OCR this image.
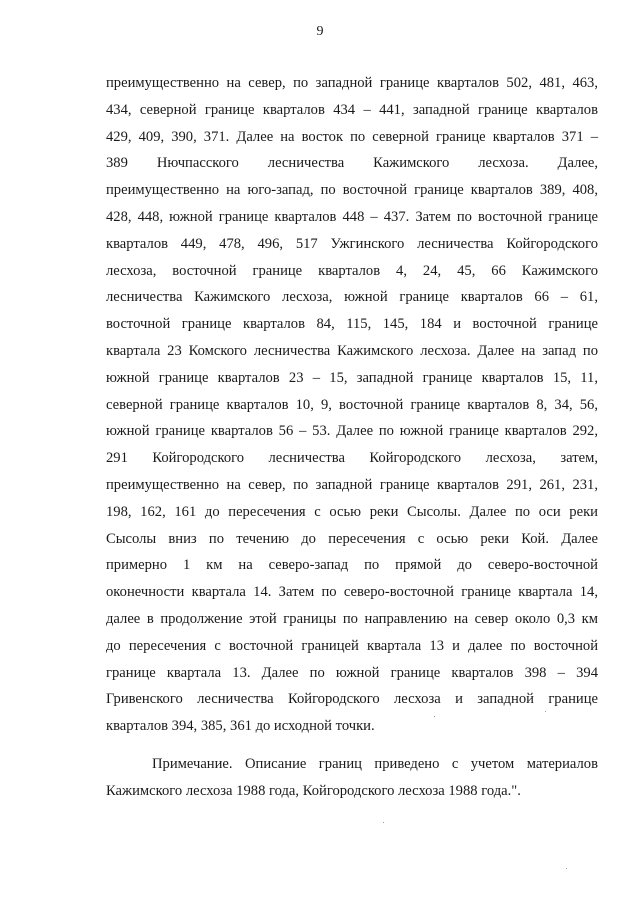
9
преимущественно на север, по западной границе кварталов 502, 481, 463,
434, северной границе кварталов 434 – 441, западной границе кварталов
429, 409, 390, 371. Далее на восток по северной границе кварталов 371 –
389 Нючпасского лесничества Кажимского лесхоза. Далее,
преимущественно на юго-запад, по восточной границе кварталов 389, 408,
428, 448, южной границе кварталов 448 – 437. Затем по восточной границе
кварталов 449, 478, 496, 517 Ужгинского лесничества Койгородского
лесхоза, восточной границе кварталов 4, 24, 45, 66 Кажимского
лесничества Кажимского лесхоза, южной границе кварталов 66 – 61,
восточной границе кварталов 84, 115, 145, 184 и восточной границе
квартала 23 Комского лесничества Кажимского лесхоза. Далее на запад по
южной границе кварталов 23 – 15, западной границе кварталов 15, 11,
северной границе кварталов 10, 9, восточной границе кварталов 8, 34, 56,
южной границе кварталов 56 – 53. Далее по южной границе кварталов 292,
291 Койгородского лесничества Койгородского лесхоза, затем,
преимущественно на север, по западной границе кварталов 291, 261, 231,
198, 162, 161 до пересечения с осью реки Сысолы. Далее по оси реки
Сысолы вниз по течению до пересечения с осью реки Кой. Далее
примерно 1 км на северо-запад по прямой до северо-восточной
оконечности квартала 14. Затем по северо-восточной границе квартала 14,
далее в продолжение этой границы по направлению на север около 0,3 км
до пересечения с восточной границей квартала 13 и далее по восточной
границе квартала 13. Далее по южной границе кварталов 398 – 394
Гривенского лесничества Койгородского лесхоза и западной границе
кварталов 394, 385, 361 до исходной точки.
Примечание. Описание границ приведено с учетом материалов
Кажимского лесхоза 1988 года, Койгородского лесхоза 1988 года.".
